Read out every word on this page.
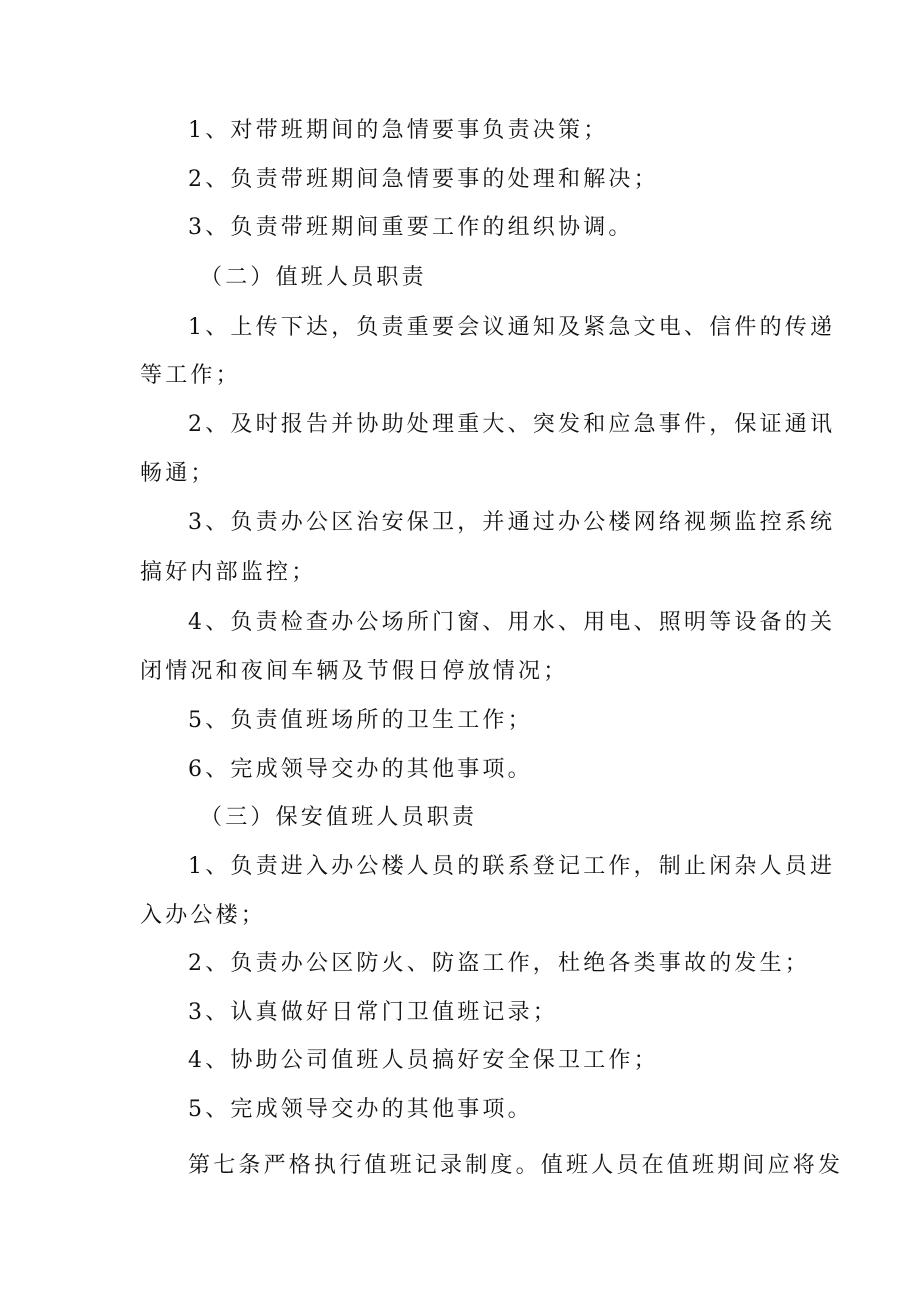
1、对带班期间的急情要事负责决策；
2、负责带班期间急情要事的处理和解决；
3、负责带班期间重要工作的组织协调。
（二）值班人员职责
1、上传下达，负责重要会议通知及紧急文电、信件的传递
等工作；
2、及时报告并协助处理重大、突发和应急事件，保证通讯
畅通；
3、负责办公区治安保卫，并通过办公楼网络视频监控系统
搞好内部监控；
4、负责检查办公场所门窗、用水、用电、照明等设备的关
闭情况和夜间车辆及节假日停放情况；
5、负责值班场所的卫生工作；
6、完成领导交办的其他事项。
（三）保安值班人员职责
1、负责进入办公楼人员的联系登记工作，制止闲杂人员进
入办公楼；
2、负责办公区防火、防盗工作，杜绝各类事故的发生；
3、认真做好日常门卫值班记录；
4、协助公司值班人员搞好安全保卫工作；
5、完成领导交办的其他事项。
第七条严格执行值班记录制度。值班人员在值班期间应将发
